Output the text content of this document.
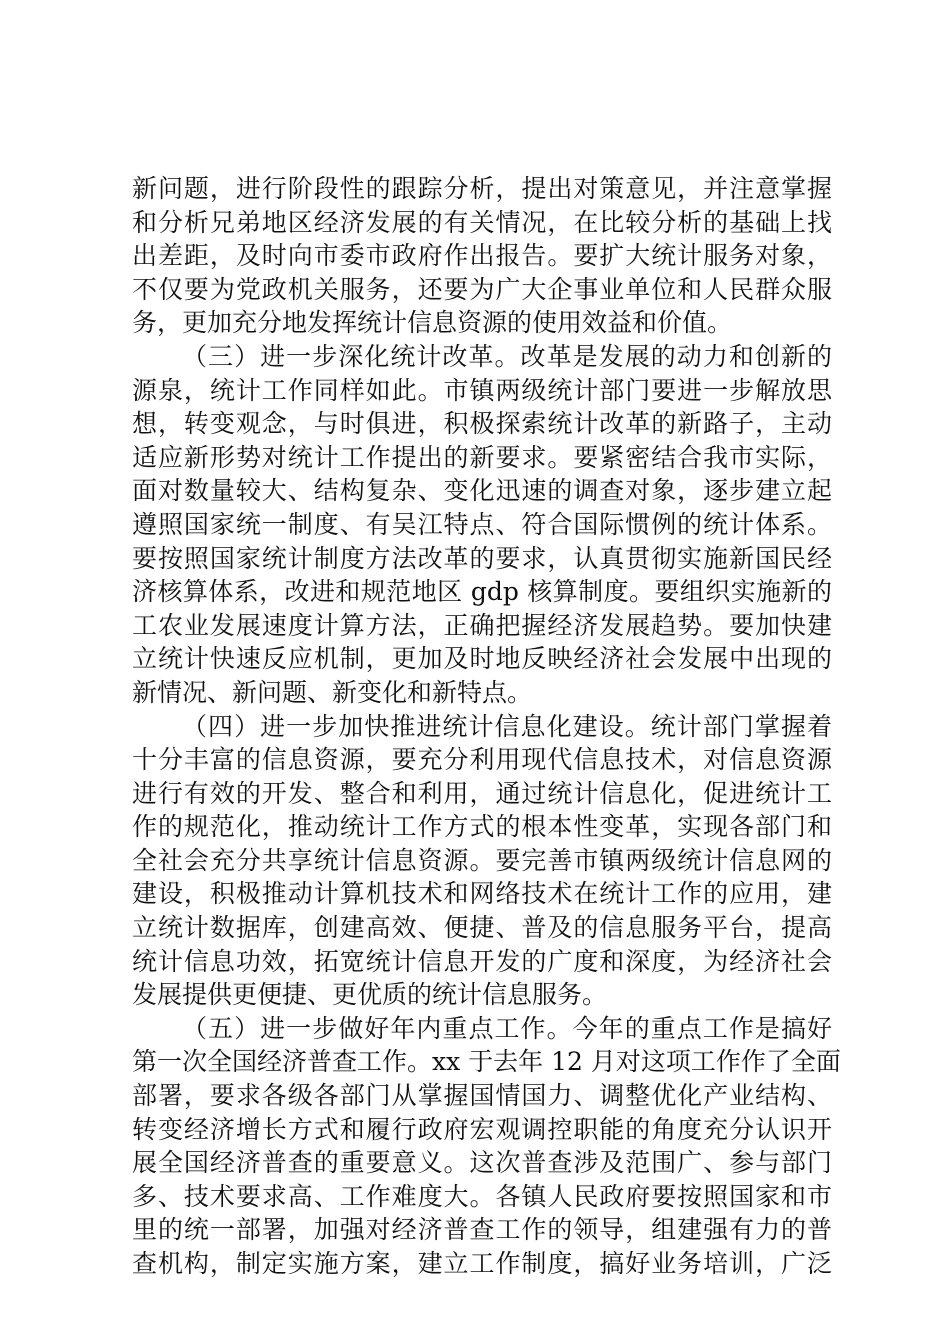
新问题，进行阶段性的跟踪分析，提出对策意见，并注意掌握
和分析兄弟地区经济发展的有关情况，在比较分析的基础上找
出差距，及时向市委市政府作出报告。要扩大统计服务对象，
不仅要为党政机关服务，还要为广大企事业单位和人民群众服
务，更加充分地发挥统计信息资源的使用效益和价值。
（三）进一步深化统计改革。改革是发展的动力和创新的
源泉，统计工作同样如此。市镇两级统计部门要进一步解放思
想，转变观念，与时俱进，积极探索统计改革的新路子，主动
适应新形势对统计工作提出的新要求。要紧密结合我市实际，
面对数量较大、结构复杂、变化迅速的调查对象，逐步建立起
遵照国家统一制度、有吴江特点、符合国际惯例的统计体系。
要按照国家统计制度方法改革的要求，认真贯彻实施新国民经
济核算体系，改进和规范地区 gdp 核算制度。要组织实施新的
工农业发展速度计算方法，正确把握经济发展趋势。要加快建
立统计快速反应机制，更加及时地反映经济社会发展中出现的
新情况、新问题、新变化和新特点。
（四）进一步加快推进统计信息化建设。统计部门掌握着
十分丰富的信息资源，要充分利用现代信息技术，对信息资源
进行有效的开发、整合和利用，通过统计信息化，促进统计工
作的规范化，推动统计工作方式的根本性变革，实现各部门和
全社会充分共享统计信息资源。要完善市镇两级统计信息网的
建设，积极推动计算机技术和网络技术在统计工作的应用，建
立统计数据库，创建高效、便捷、普及的信息服务平台，提高
统计信息功效，拓宽统计信息开发的广度和深度，为经济社会
发展提供更便捷、更优质的统计信息服务。
（五）进一步做好年内重点工作。今年的重点工作是搞好
第一次全国经济普查工作。xx 于去年 12 月对这项工作作了全面
部署，要求各级各部门从掌握国情国力、调整优化产业结构、
转变经济增长方式和履行政府宏观调控职能的角度充分认识开
展全国经济普查的重要意义。这次普查涉及范围广、参与部门
多、技术要求高、工作难度大。各镇人民政府要按照国家和市
里的统一部署，加强对经济普查工作的领导，组建强有力的普
查机构，制定实施方案，建立工作制度，搞好业务培训，广泛
